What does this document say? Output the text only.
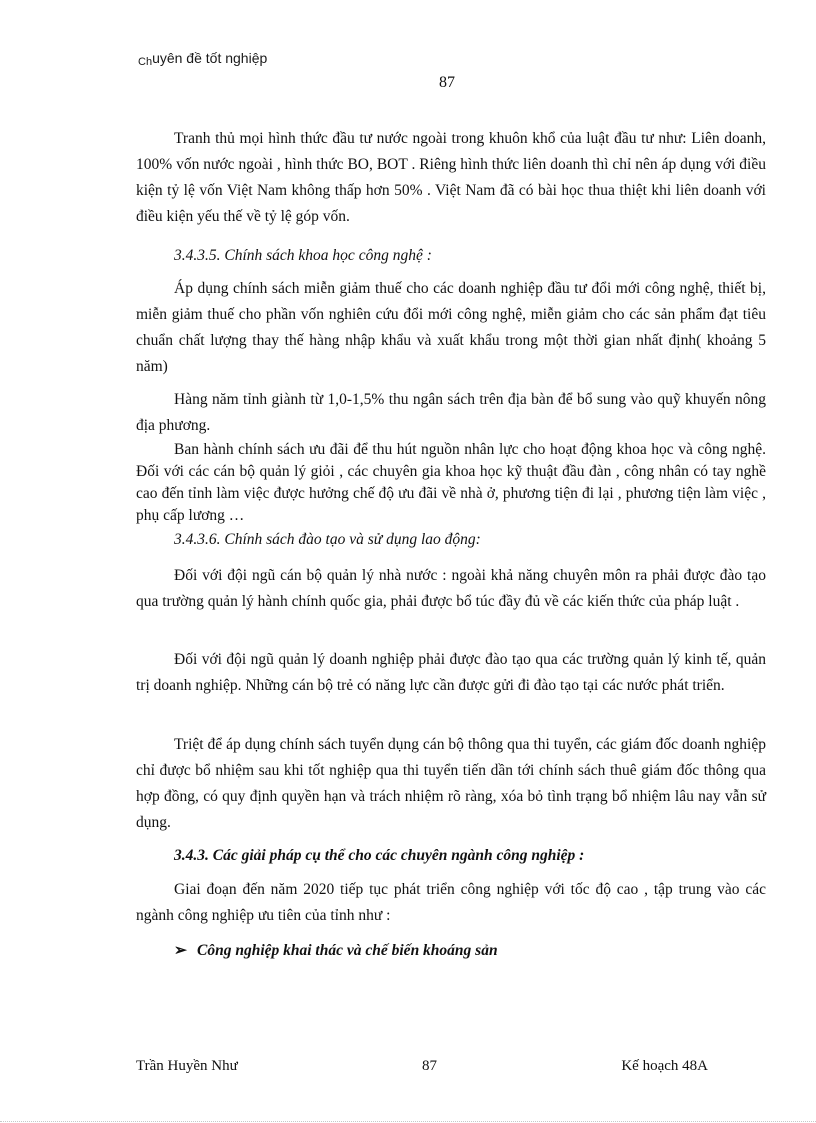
Chuyên đề tốt nghiệp
87

Tranh thủ mọi hình thức đầu tư nước ngoài trong khuôn khổ của luật đầu tư như: Liên doanh, 100% vốn nước ngoài , hình thức BO, BOT . Riêng hình thức liên doanh thì chỉ nên áp dụng với điều kiện tỷ lệ vốn Việt Nam không thấp hơn 50% . Việt Nam đã có bài học thua thiệt khi liên doanh với điều kiện yếu thế về tỷ lệ góp vốn.

3.4.3.5. Chính sách khoa học công nghệ :

Áp dụng chính sách miễn giảm thuế cho các doanh nghiệp đầu tư đổi mới công nghệ, thiết bị, miễn giảm thuế cho phần vốn nghiên cứu đổi mới công nghệ, miễn giảm cho các sản phẩm đạt tiêu chuẩn chất lượng thay thế hàng nhập khẩu và xuất khẩu trong một thời gian nhất định( khoảng 5 năm)

Hàng năm tỉnh giành từ 1,0-1,5% thu ngân sách trên địa bàn để bổ sung vào quỹ khuyến nông địa phương.

Ban hành chính sách ưu đãi để thu hút nguồn nhân lực cho hoạt động khoa học và công nghệ. Đối với các cán bộ quản lý giỏi , các chuyên gia khoa học kỹ thuật đầu đàn , công nhân có tay nghề cao đến tỉnh làm việc được hưởng chế độ ưu đãi về nhà ở, phương tiện đi lại , phương tiện làm việc , phụ cấp lương …

3.4.3.6. Chính sách đào tạo và sử dụng lao động:

Đối với đội ngũ cán bộ quản lý nhà nước : ngoài khả năng chuyên môn ra phải được đào tạo qua trường quản lý hành chính quốc gia, phải được bổ túc đầy đủ về các kiến thức của pháp luật .

Đối với đội ngũ quản lý doanh nghiệp phải được đào tạo qua các trường quản lý kinh tế, quản trị doanh nghiệp. Những cán bộ trẻ có năng lực cần được gửi đi đào tạo tại các nước phát triển.

Triệt để áp dụng chính sách tuyển dụng cán bộ thông qua thi tuyển, các giám đốc doanh nghiệp chỉ được bổ nhiệm sau khi tốt nghiệp qua thi tuyển tiến dần tới chính sách thuê giám đốc thông qua hợp đồng, có quy định quyền hạn và trách nhiệm rõ ràng, xóa bỏ tình trạng bổ nhiệm lâu nay vẫn sử dụng.

3.4.3. Các giải pháp cụ thể cho các chuyên ngành công nghiệp :

Giai đoạn đến năm 2020 tiếp tục phát triển công nghiệp với tốc độ cao , tập trung vào các ngành công nghiệp ưu tiên của tỉnh như :

➢ Công nghiệp khai thác và chế biến khoáng sản

Trần Huyền Như	87	Kế hoạch 48A
